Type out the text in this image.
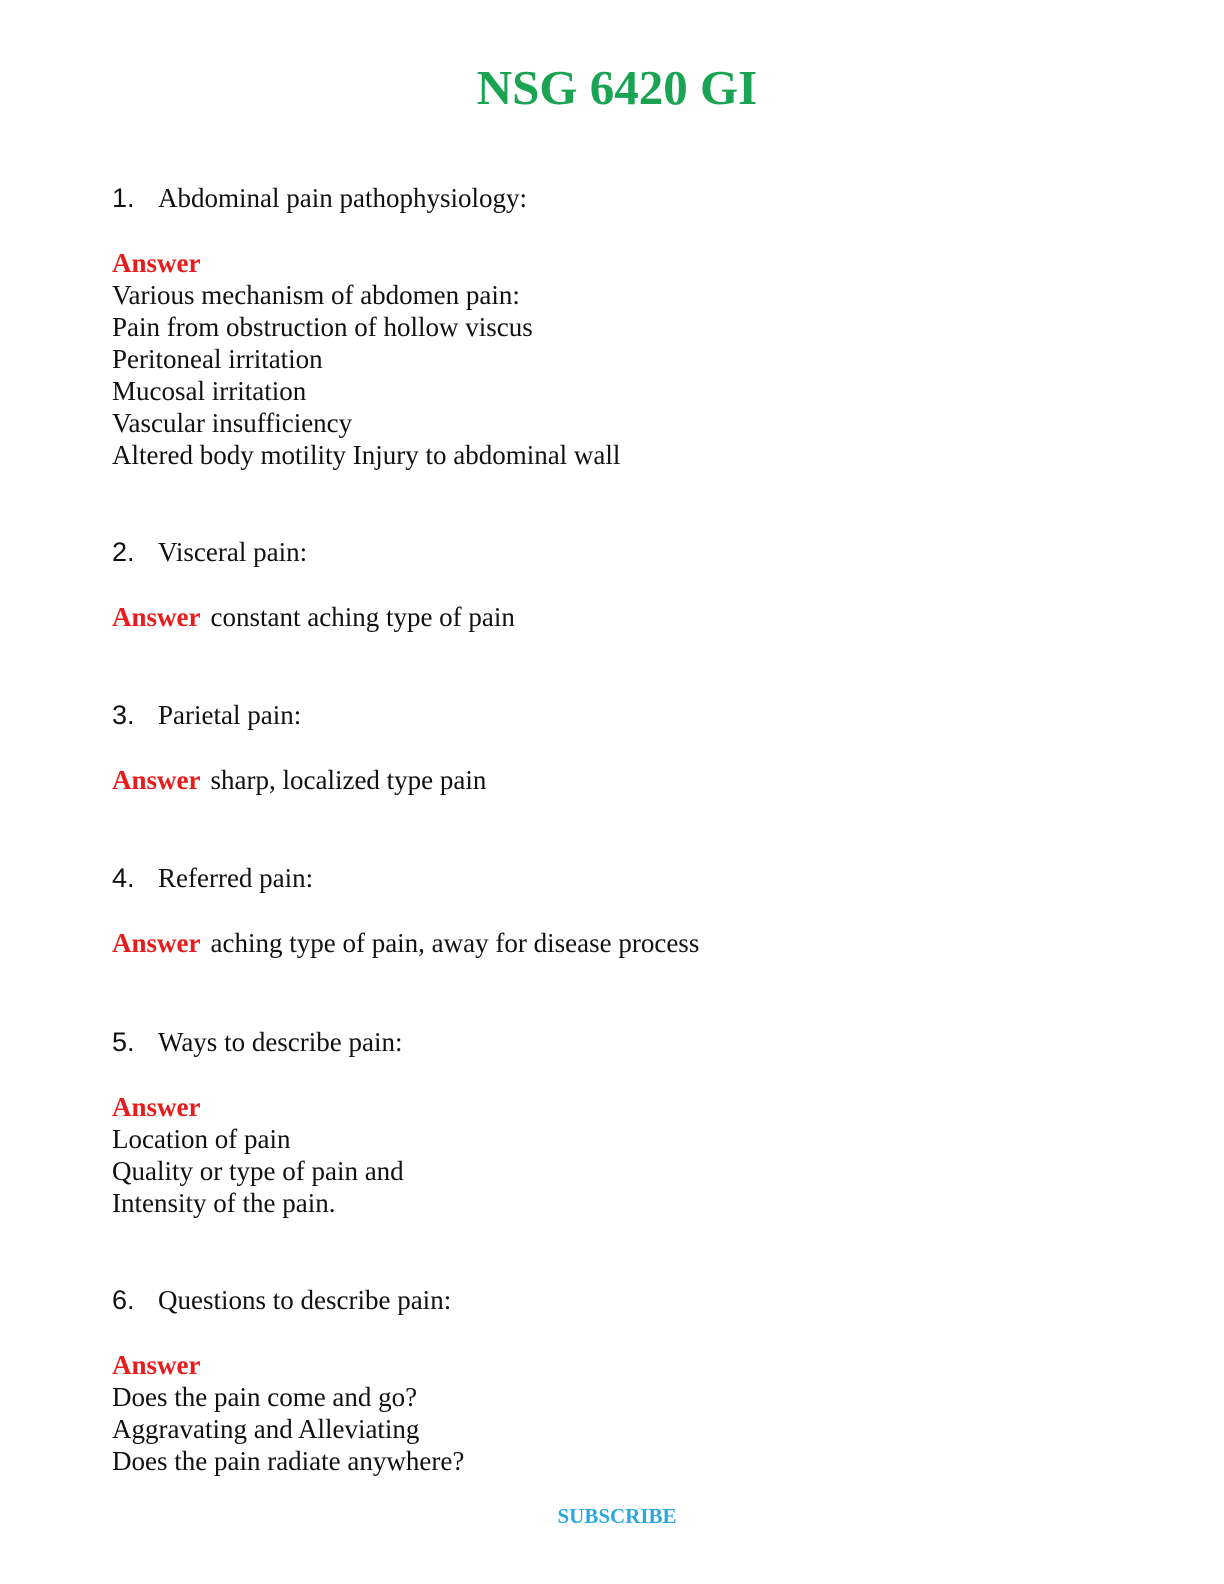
NSG 6420 GI
1. Abdominal pain pathophysiology:
Answer
Various mechanism of abdomen pain:
Pain from obstruction of hollow viscus
Peritoneal irritation
Mucosal irritation
Vascular insufficiency
Altered body motility Injury to abdominal wall
2. Visceral pain:
Answer constant aching type of pain
3. Parietal pain:
Answer sharp, localized type pain
4. Referred pain:
Answer aching type of pain, away for disease process
5. Ways to describe pain:
Answer
Location of pain
Quality or type of pain and
Intensity of the pain.
6. Questions to describe pain:
Answer
Does the pain come and go?
Aggravating and Alleviating
Does the pain radiate anywhere?
SUBSCRIBE
